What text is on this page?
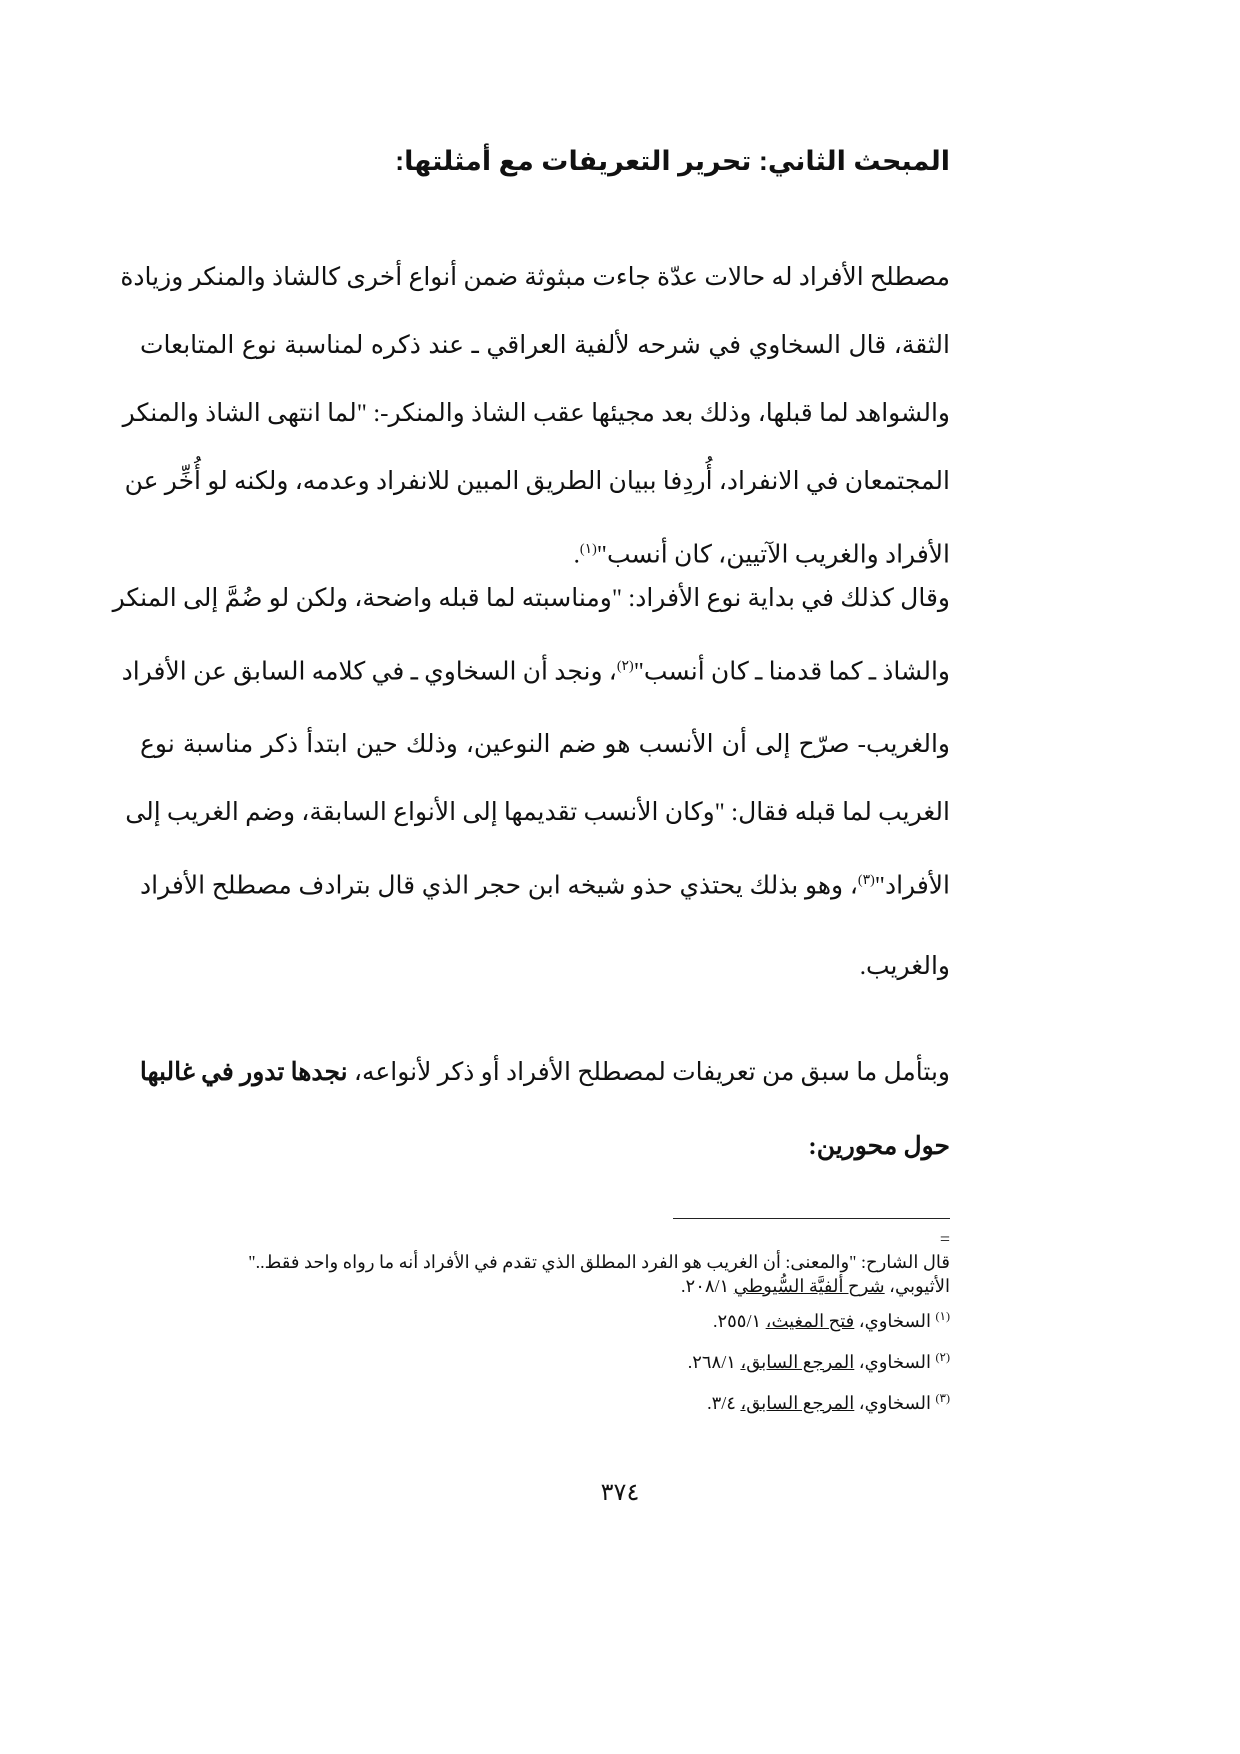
المبحث الثاني: تحرير التعريفات مع أمثلتها:
مصطلح الأفراد له حالات عدّة جاءت مبثوثة ضمن أنواع أخرى كالشاذ والمنكر وزيادة
الثقة، قال السخاوي في شرحه لألفية العراقي ـ عند ذكره لمناسبة نوع المتابعات
والشواهد لما قبلها، وذلك بعد مجيئها عقب الشاذ والمنكر-: "لما انتهى الشاذ والمنكر
المجتمعان في الانفراد، أُردِفا ببيان الطريق المبين للانفراد وعدمه، ولكنه لو أُخِّر عن
الأفراد والغريب الآتيين، كان أنسب"$^{(١)}$.
وقال كذلك في بداية نوع الأفراد: "ومناسبته لما قبله واضحة، ولكن لو ضُمَّ إلى المنكر
والشاذ ـ كما قدمنا ـ كان أنسب"$^{(٢)}$، ونجد أن السخاوي ـ في كلامه السابق عن الأفراد
والغريب- صرّح إلى أن الأنسب هو ضم النوعين، وذلك حين ابتدأ ذكر مناسبة نوع
الغريب لما قبله فقال: "وكان الأنسب تقديمها إلى الأنواع السابقة، وضم الغريب إلى
الأفراد"$^{(٣)}$، وهو بذلك يحتذي حذو شيخه ابن حجر الذي قال بترادف مصطلح الأفراد
والغريب.
وبتأمل ما سبق من تعريفات لمصطلح الأفراد أو ذكر لأنواعه، نجدها تدور في غالبها
حول محورين:
=
قال الشارح: "والمعنى: أن الغريب هو الفرد المطلق الذي تقدم في الأفراد أنه ما رواه واحد فقط.."
الأثيوبي، شرح ألفيَّة السُّيوطي ٢٠٨/١.
$^{(١)}$ السخاوي، فتح المغيث، ٢٥٥/١.
$^{(٢)}$ السخاوي، المرجع السابق، ٢٦٨/١.
$^{(٣)}$ السخاوي، المرجع السابق، ٣/٤.
٣٧٤
